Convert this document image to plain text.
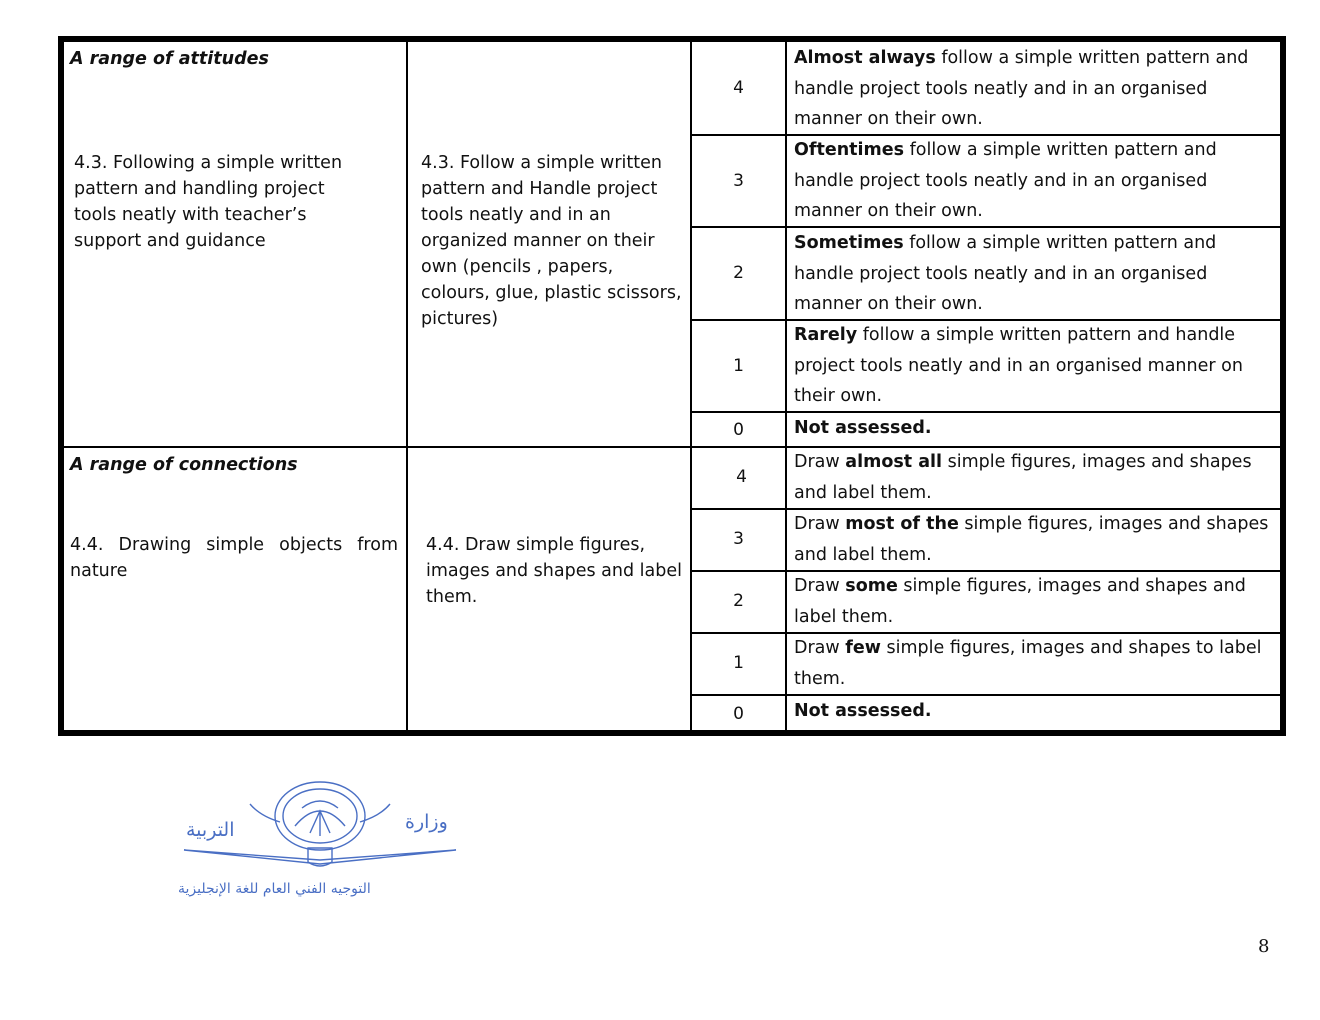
A range of attitudes
4.3. Following a simple written pattern and handling project tools neatly with teacher’s support and guidance
4.3. Follow a simple written pattern and Handle project tools neatly and in an organized manner on their own (pencils , papers, colours, glue, plastic scissors, pictures)
4
Almost always follow a simple written pattern and handle project tools neatly and in an organised manner on their own.
3
Oftentimes follow a simple written pattern and handle project tools neatly and in an organised manner on their own.
2
Sometimes follow a simple written pattern and handle project tools neatly and in an organised manner on their own.
1
Rarely follow a simple written pattern and handle project tools neatly and in an organised manner on their own.
0	Not assessed.
A range of connections
4.4. Drawing simple objects from nature
4.4. Draw simple figures, images and shapes and label them.
4
Draw almost all simple figures, images and shapes and label them.
3
Draw most of the simple figures, images and shapes and label them.
2
Draw some simple figures, images and shapes and label them.
1
Draw few simple figures, images and shapes to label them.
0	Not assessed.
وزارة
التربية
التوجيه الفني العام للغة الإنجليزية
8
